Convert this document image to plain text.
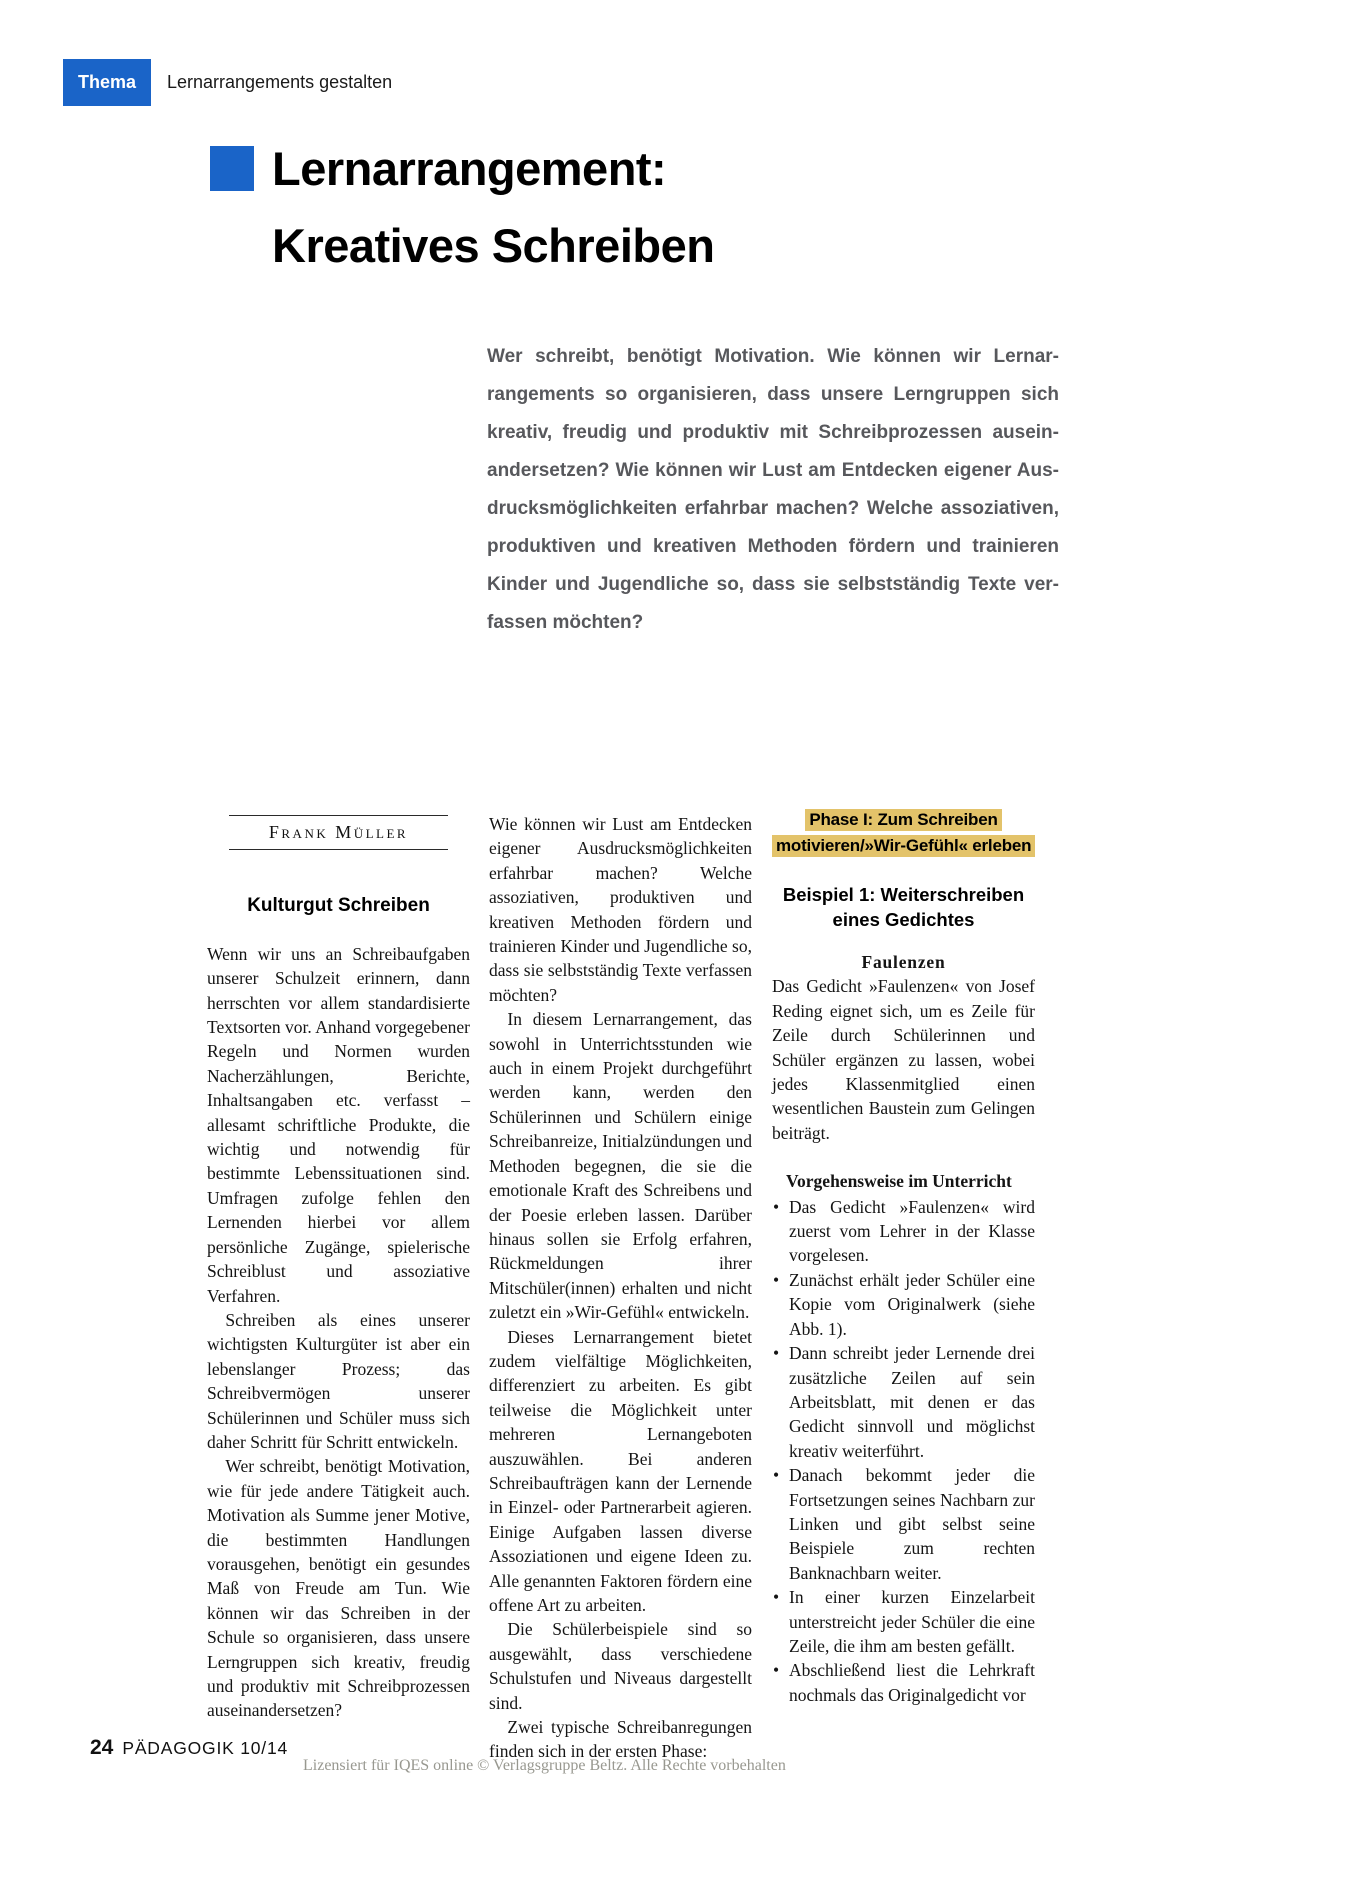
Thema	Lernarrangements gestalten
Lernarrangement:
Kreatives Schreiben
Wer schreibt, benötigt Motivation. Wie können wir Lernar-
rangements so organisieren, dass unsere Lerngruppen sich
kreativ, freudig und produktiv mit Schreibprozessen ausein-
andersetzen? Wie können wir Lust am Entdecken eigener Aus-
drucksmöglichkeiten erfahrbar machen? Welche assoziativen,
produktiven und kreativen Methoden fördern und trainieren
Kinder und Jugendliche so, dass sie selbstständig Texte ver-
fassen möchten?
Frank Müller
Kulturgut Schreiben

Wenn wir uns an Schreibaufgaben unserer Schulzeit erinnern, dann herrschten vor allem standardisierte Textsorten vor. Anhand vorgegebener Regeln und Normen wurden Nacherzählungen, Berichte, Inhaltsangaben etc. verfasst – allesamt schriftliche Produkte, die wichtig und notwendig für bestimmte Lebenssituationen sind. Umfragen zufolge fehlen den Lernenden hierbei vor allem persönliche Zugänge, spielerische Schreiblust und assoziative Verfahren.

Schreiben als eines unserer wichtigsten Kulturgüter ist aber ein lebenslanger Prozess; das Schreibvermögen unserer Schülerinnen und Schüler muss sich daher Schritt für Schritt entwickeln.

Wer schreibt, benötigt Motivation, wie für jede andere Tätigkeit auch. Motivation als Summe jener Motive, die bestimmten Handlungen vorausgehen, benötigt ein gesundes Maß von Freude am Tun. Wie können wir das Schreiben in der Schule so organisieren, dass unsere Lerngruppen sich kreativ, freudig und produktiv mit Schreibprozessen auseinandersetzen?

Wie können wir Lust am Entdecken eigener Ausdrucksmöglichkeiten erfahrbar machen? Welche assoziativen, produktiven und kreativen Methoden fördern und trainieren Kinder und Jugendliche so, dass sie selbstständig Texte verfassen möchten?

In diesem Lernarrangement, das sowohl in Unterrichtsstunden wie auch in einem Projekt durchgeführt werden kann, werden den Schülerinnen und Schülern einige Schreibanreize, Initialzündungen und Methoden begegnen, die sie die emotionale Kraft des Schreibens und der Poesie erleben lassen. Darüber hinaus sollen sie Erfolg erfahren, Rückmeldungen ihrer Mitschüler(innen) erhalten und nicht zuletzt ein »Wir-Gefühl« entwickeln.

Dieses Lernarrangement bietet zudem vielfältige Möglichkeiten, differenziert zu arbeiten. Es gibt teilweise die Möglichkeit unter mehreren Lernangeboten auszuwählen. Bei anderen Schreibaufträgen kann der Lernende in Einzel- oder Partnerarbeit agieren. Einige Aufgaben lassen diverse Assoziationen und eigene Ideen zu. Alle genannten Faktoren fördern eine offene Art zu arbeiten.

Die Schülerbeispiele sind so ausgewählt, dass verschiedene Schulstufen und Niveaus dargestellt sind.

Zwei typische Schreibanregungen finden sich in der ersten Phase:

Phase I: Zum Schreiben
motivieren/»Wir-Gefühl« erleben
Beispiel 1: Weiterschreiben
eines Gedichtes
Faulenzen

Das Gedicht »Faulenzen« von Josef Reding eignet sich, um es Zeile für Zeile durch Schülerinnen und Schüler ergänzen zu lassen, wobei jedes Klassenmitglied einen wesentlichen Baustein zum Gelingen beiträgt.

Vorgehensweise im Unterricht
• Das Gedicht »Faulenzen« wird zuerst vom Lehrer in der Klasse vorgelesen.
• Zunächst erhält jeder Schüler eine Kopie vom Originalwerk (siehe Abb. 1).
• Dann schreibt jeder Lernende drei zusätzliche Zeilen auf sein Arbeitsblatt, mit denen er das Gedicht sinnvoll und möglichst kreativ weiterführt.
• Danach bekommt jeder die Fortsetzungen seines Nachbarn zur Linken und gibt selbst seine Beispiele zum rechten Banknachbarn weiter.
• In einer kurzen Einzelarbeit unterstreicht jeder Schüler die eine Zeile, die ihm am besten gefällt.
• Abschließend liest die Lehrkraft nochmals das Originalgedicht vor
24 PÄDAGOGIK 10/14
Lizensiert für IQES online © Verlagsgruppe Beltz. Alle Rechte vorbehalten
